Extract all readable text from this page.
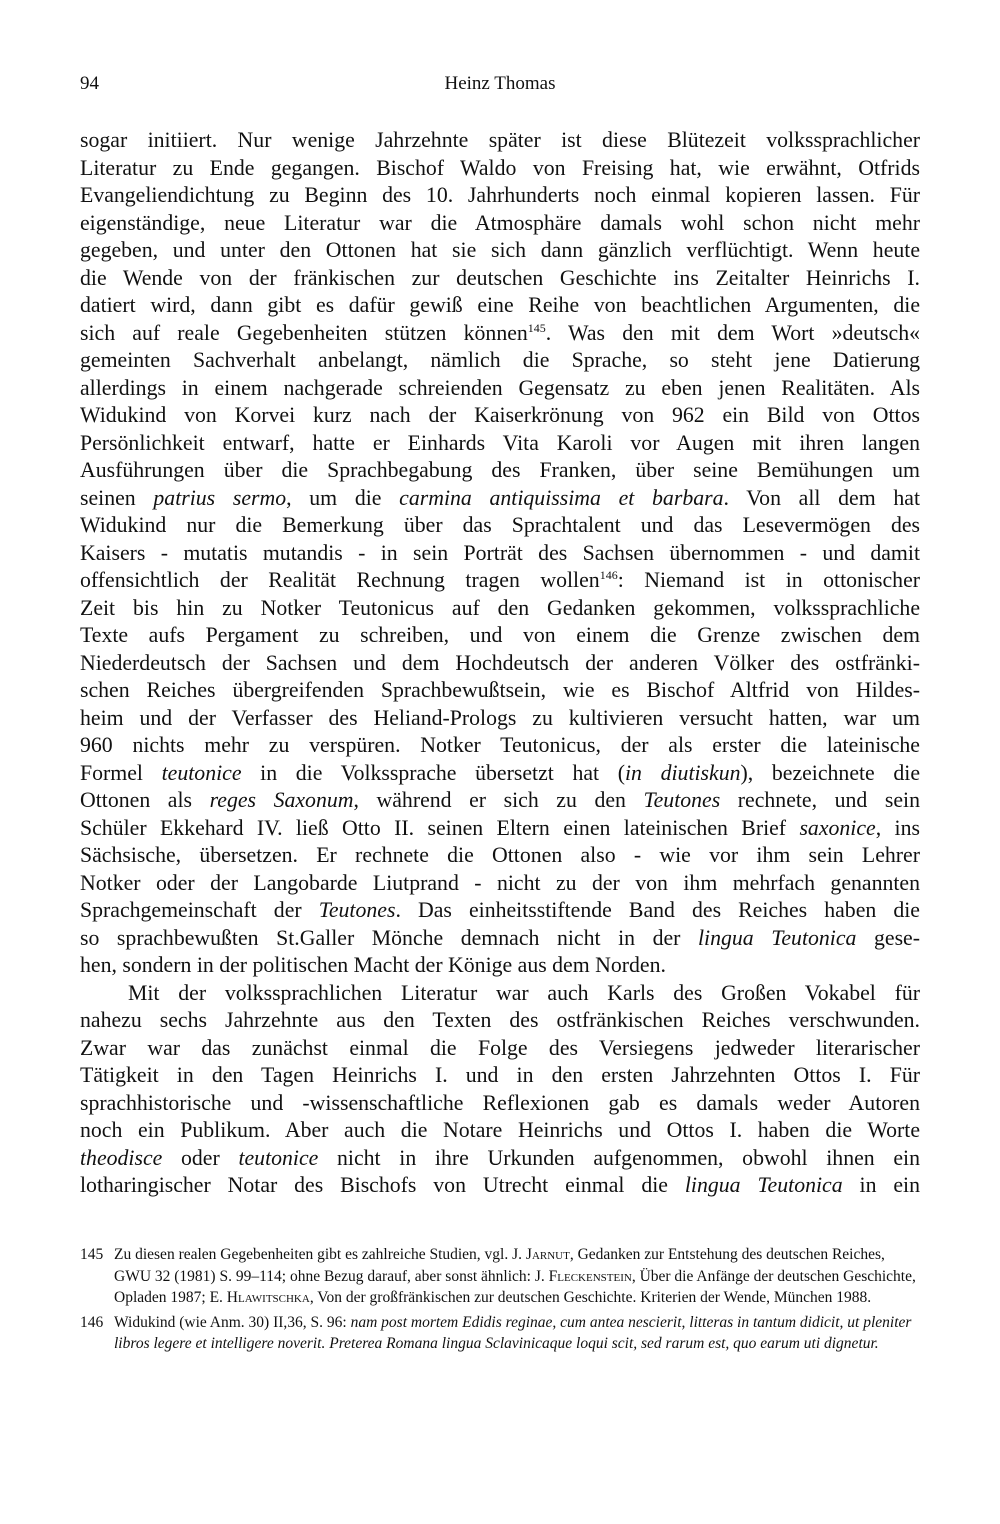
94	Heinz Thomas
sogar initiiert. Nur wenige Jahrzehnte später ist diese Blütezeit volkssprachlicher
Literatur zu Ende gegangen. Bischof Waldo von Freising hat, wie erwähnt, Otfrids
Evangeliendichtung zu Beginn des 10. Jahrhunderts noch einmal kopieren lassen. Für
eigenständige, neue Literatur war die Atmosphäre damals wohl schon nicht mehr
gegeben, und unter den Ottonen hat sie sich dann gänzlich verflüchtigt. Wenn heute
die Wende von der fränkischen zur deutschen Geschichte ins Zeitalter Heinrichs I.
datiert wird, dann gibt es dafür gewiß eine Reihe von beachtlichen Argumenten, die
sich auf reale Gegebenheiten stützen können$^{145}$. Was den mit dem Wort »deutsch«
gemeinten Sachverhalt anbelangt, nämlich die Sprache, so steht jene Datierung
allerdings in einem nachgerade schreienden Gegensatz zu eben jenen Realitäten. Als
Widukind von Korvei kurz nach der Kaiserkrönung von 962 ein Bild von Ottos
Persönlichkeit entwarf, hatte er Einhards Vita Karoli vor Augen mit ihren langen
Ausführungen über die Sprachbegabung des Franken, über seine Bemühungen um
seinen patrius sermo, um die carmina antiquissima et barbara. Von all dem hat
Widukind nur die Bemerkung über das Sprachtalent und das Lesevermögen des
Kaisers - mutatis mutandis - in sein Porträt des Sachsen übernommen - und damit
offensichtlich der Realität Rechnung tragen wollen$^{146}$: Niemand ist in ottonischer
Zeit bis hin zu Notker Teutonicus auf den Gedanken gekommen, volkssprachliche
Texte aufs Pergament zu schreiben, und von einem die Grenze zwischen dem
Niederdeutsch der Sachsen und dem Hochdeutsch der anderen Völker des ostfränki-
schen Reiches übergreifenden Sprachbewußtsein, wie es Bischof Altfrid von Hildes-
heim und der Verfasser des Heliand-Prologs zu kultivieren versucht hatten, war um
960 nichts mehr zu verspüren. Notker Teutonicus, der als erster die lateinische
Formel teutonice in die Volkssprache übersetzt hat (in diutiskun), bezeichnete die
Ottonen als reges Saxonum, während er sich zu den Teutones rechnete, und sein
Schüler Ekkehard IV. ließ Otto II. seinen Eltern einen lateinischen Brief saxonice, ins
Sächsische, übersetzen. Er rechnete die Ottonen also - wie vor ihm sein Lehrer
Notker oder der Langobarde Liutprand - nicht zu der von ihm mehrfach genannten
Sprachgemeinschaft der Teutones. Das einheitsstiftende Band des Reiches haben die
so sprachbewußten St.Galler Mönche demnach nicht in der lingua Teutonica gese-
hen, sondern in der politischen Macht der Könige aus dem Norden.
Mit der volkssprachlichen Literatur war auch Karls des Großen Vokabel für
nahezu sechs Jahrzehnte aus den Texten des ostfränkischen Reiches verschwunden.
Zwar war das zunächst einmal die Folge des Versiegens jedweder literarischer
Tätigkeit in den Tagen Heinrichs I. und in den ersten Jahrzehnten Ottos I. Für
sprachhistorische und -wissenschaftliche Reflexionen gab es damals weder Autoren
noch ein Publikum. Aber auch die Notare Heinrichs und Ottos I. haben die Worte
theodisce oder teutonice nicht in ihre Urkunden aufgenommen, obwohl ihnen ein
lotharingischer Notar des Bischofs von Utrecht einmal die lingua Teutonica in ein
145 Zu diesen realen Gegebenheiten gibt es zahlreiche Studien, vgl. J. Jarnut, Gedanken zur Entstehung des deutschen Reiches, GWU 32 (1981) S. 99–114; ohne Bezug darauf, aber sonst ähnlich: J. Fleckenstein, Über die Anfänge der deutschen Geschichte, Opladen 1987; E. Hlawitschka, Von der großfränkischen zur deutschen Geschichte. Kriterien der Wende, München 1988.
146 Widukind (wie Anm. 30) II,36, S. 96: nam post mortem Edidis reginae, cum antea nescierit, litteras in tantum didicit, ut pleniter libros legere et intelligere noverit. Preterea Romana lingua Sclavinicaque loqui scit, sed rarum est, quo earum uti dignetur.
